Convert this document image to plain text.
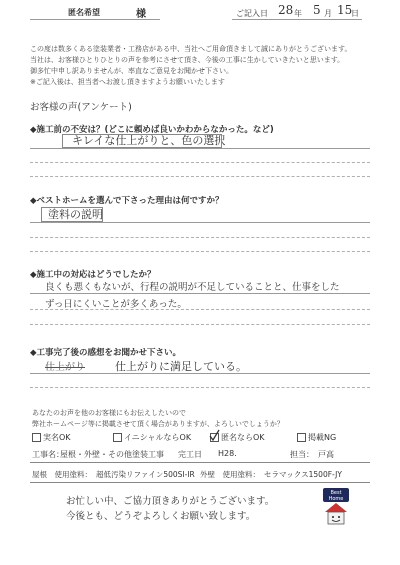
匿名希望	様	ご記入日 28 年 5 月 15
日
この度は数多くある塗装業者・工務店がある中、当社へご用命頂きまして誠にありがとうございます。
当社は、お客様ひとりひとりの声を参考にさせて頂き、今後の工事に生かしていきたいと思います。
御多忙中申し訳ありませんが、率直なご意見をお聞かせ下さい。
※ご記入後は、担当者へお渡し頂きますようお願いいたします
お客様の声(アンケート)
◆施工前の不安は？(どこに頼めば良いかわからなかった。など)
キレイな仕上がりと、色の選択
◆ベストホームを選んで下さった理由は何ですか？
塗料の説明
◆施工中の対応はどうでしたか？
良くも悪くもないが、行程の説明が不足していることと、仕事をした
ずっ日にくいことが多くあった。
◆工事完了後の感想をお聞かせ下さい。
仕上がり	仕上がりに満足している。
あなたのお声を他のお客様にもお伝えしたいので
弊社ホームページ等に掲載させて頂く場合がありますが、よろしいでしょうか？
実名OK	イニシャルならOK	匿名ならOK	掲載NG
工事名：
屋根・外壁・その他塗装工事 完工日 H28.	担当： 戸高
屋根　使用塗料： 超低汚染リファイン500SI-IR 外壁　使用塗料： セラマックス1500F-JY
お忙しい中、ご協力頂きありがとうございます。
今後とも、どうぞよろしくお願い致します。
Best
Home
